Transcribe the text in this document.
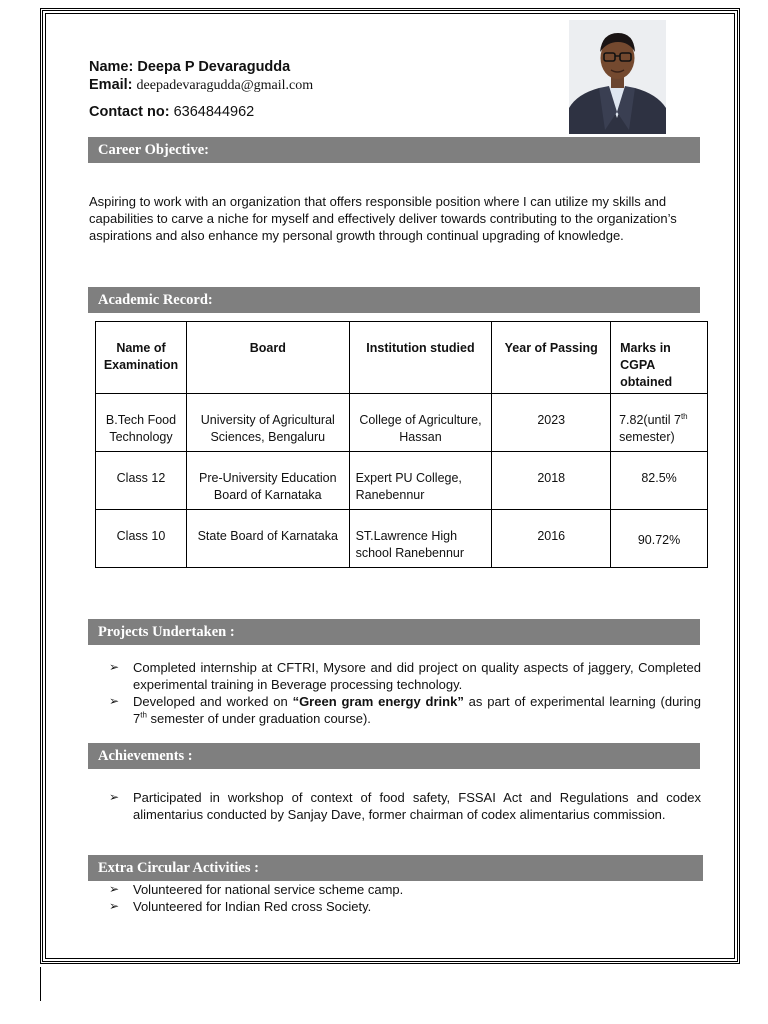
Name: Deepa P Devaragudda
Email: deepadevaragudda@gmail.com
Contact no: 6364844962
Career Objective:
Aspiring to work with an organization that offers responsible position where I can utilize my skills and capabilities to carve a niche for myself and effectively deliver towards contributing to the organization’s aspirations and also enhance my personal growth through continual upgrading of knowledge.
Academic Record:
Name of Examination	Board	Institution studied	Year of Passing	Marks in CGPA obtained

B.Tech Food Technology	University of Agricultural Sciences, Bengaluru	College of Agriculture, Hassan	2023	7.82(until 7th semester)

Class 12	Pre-University Education Board of Karnataka	Expert PU College, Ranebennur	2018	82.5%

Class 10	State Board of Karnataka	ST.Lawrence High school Ranebennur	2016	90.72%
Projects Undertaken :
➢ Completed internship at CFTRI, Mysore and did project on quality aspects of jaggery, Completed experimental training in Beverage processing technology.
➢ Developed and worked on “Green gram energy drink” as part of experimental learning (during 7th semester of under graduation course).
Achievements :
➢ Participated in workshop of context of food safety, FSSAI Act and Regulations and codex alimentarius conducted by Sanjay Dave, former chairman of codex alimentarius commission.
Extra Circular Activities :
➢ Volunteered for national service scheme camp.
➢ Volunteered for Indian Red cross Society.
